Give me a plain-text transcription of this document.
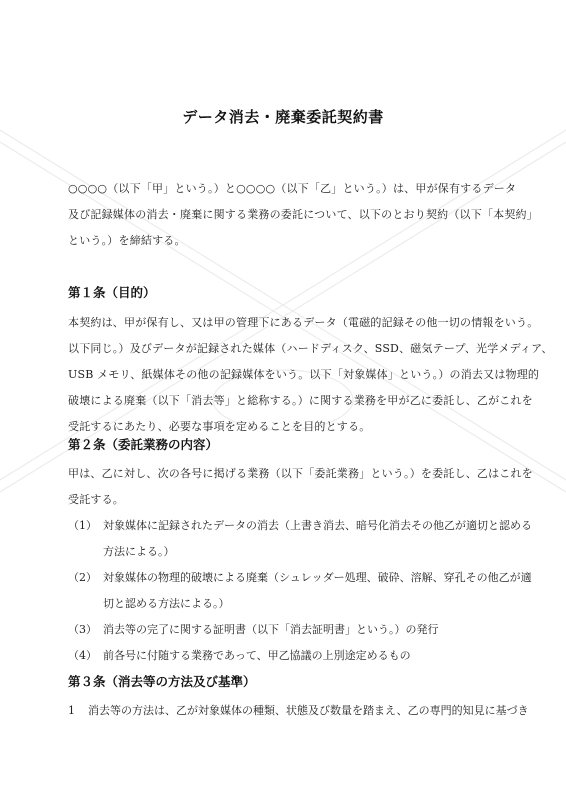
データ消去・廃棄委託契約書
○○○○（以下「甲」という。）と○○○○（以下「乙」という。）は、甲が保有するデータ
及び記録媒体の消去・廃棄に関する業務の委託について、以下のとおり契約（以下「本契約」
という。）を締結する。
第１条（目的）
本契約は、甲が保有し、又は甲の管理下にあるデータ（電磁的記録その他一切の情報をいう。
以下同じ。）及びデータが記録された媒体（ハードディスク、SSD、磁気テープ、光学メディア、
USB メモリ、紙媒体その他の記録媒体をいう。以下「対象媒体」という。）の消去又は物理的
破壊による廃棄（以下「消去等」と総称する。）に関する業務を甲が乙に委託し、乙がこれを
受託するにあたり、必要な事項を定めることを目的とする。
第２条（委託業務の内容）
甲は、乙に対し、次の各号に掲げる業務（以下「委託業務」という。）を委託し、乙はこれを
受託する。
（1） 対象媒体に記録されたデータの消去（上書き消去、暗号化消去その他乙が適切と認める
方法による。）
（2） 対象媒体の物理的破壊による廃棄（シュレッダー処理、破砕、溶解、穿孔その他乙が適
切と認める方法による。）
（3） 消去等の完了に関する証明書（以下「消去証明書」という。）の発行
（4） 前各号に付随する業務であって、甲乙協議の上別途定めるもの
第３条（消去等の方法及び基準）
1 消去等の方法は、乙が対象媒体の種類、状態及び数量を踏まえ、乙の専門的知見に基づき
